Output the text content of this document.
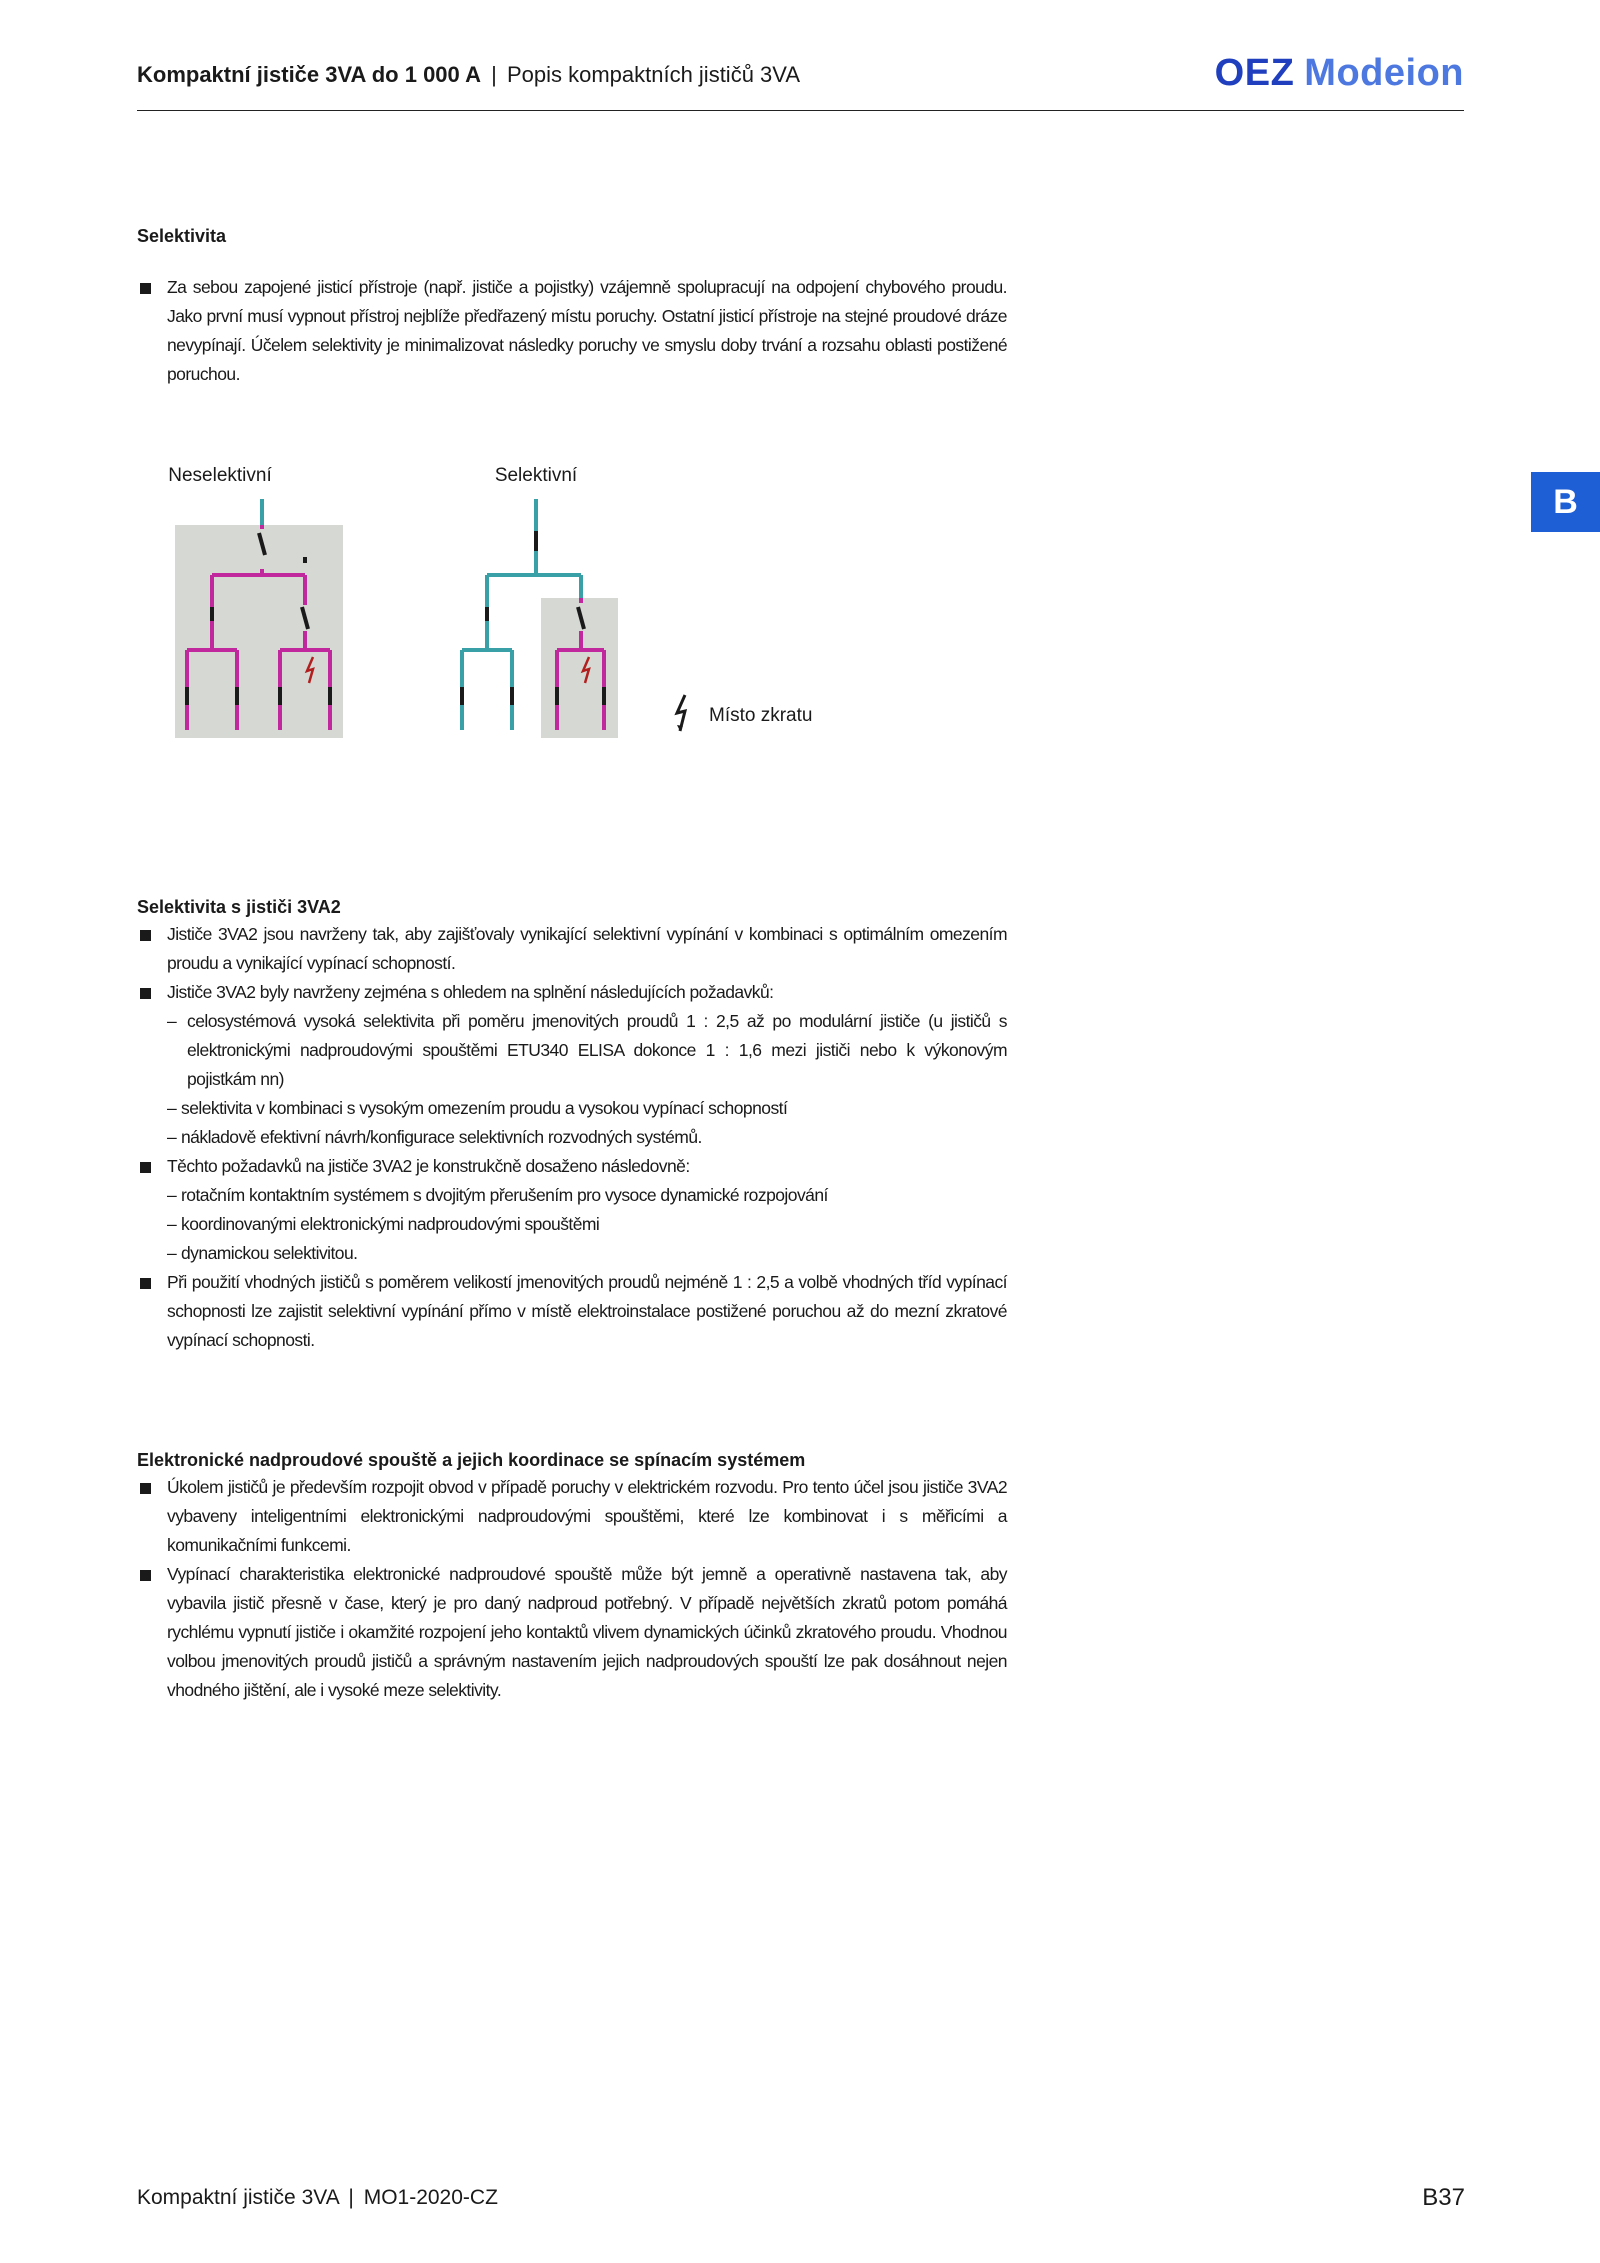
Kompaktní jističe 3VA do 1 000 A | Popis kompaktních jističů 3VA	OEZ Modeion
B
Selektivita
Za sebou zapojené jisticí přístroje (např. jističe a pojistky) vzájemně spolupracují na odpojení chybového proudu. Jako první musí vypnout přístroj nejblíže předřazený místu poruchy. Ostatní jisticí přístroje na stejné proudové dráze nevypínají. Účelem selektivity je minimalizovat následky poruchy ve smyslu doby trvání a rozsahu oblasti postižené poruchou.
Neselektivní	Selektivní
Místo zkratu
Selektivita s jističi 3VA2
Jističe 3VA2 jsou navrženy tak, aby zajišťovaly vynikající selektivní vypínání v kombinaci s optimálním omezením proudu a vynikající vypínací schopností.
Jističe 3VA2 byly navrženy zejména s ohledem na splnění následujících požadavků:
– celosystémová vysoká selektivita při poměru jmenovitých proudů 1 : 2,5 až po modulární jističe (u jističů s elektronickými nadproudovými spouštěmi ETU340 ELISA dokonce 1 : 1,6 mezi jističi nebo k výkonovým pojistkám nn)
– selektivita v kombinaci s vysokým omezením proudu a vysokou vypínací schopností
– nákladově efektivní návrh/konfigurace selektivních rozvodných systémů.
Těchto požadavků na jističe 3VA2 je konstrukčně dosaženo následovně:
– rotačním kontaktním systémem s dvojitým přerušením pro vysoce dynamické rozpojování
– koordinovanými elektronickými nadproudovými spouštěmi
– dynamickou selektivitou.
Při použití vhodných jističů s poměrem velikostí jmenovitých proudů nejméně 1 : 2,5 a volbě vhodných tříd vypínací schopnosti lze zajistit selektivní vypínání přímo v místě elektroinstalace postižené poruchou až do mezní zkratové vypínací schopnosti.
Elektronické nadproudové spouště a jejich koordinace se spínacím systémem
Úkolem jističů je především rozpojit obvod v případě poruchy v elektrickém rozvodu. Pro tento účel jsou jističe 3VA2 vybaveny inteligentními elektronickými nadproudovými spouštěmi, které lze kombinovat i s měřicími a komunikačními funkcemi.
Vypínací charakteristika elektronické nadproudové spouště může být jemně a operativně nastavena tak, aby vybavila jistič přesně v čase, který je pro daný nadproud potřebný. V případě největších zkratů potom pomáhá rychlému vypnutí jističe i okamžité rozpojení jeho kontaktů vlivem dynamických účinků zkratového proudu. Vhodnou volbou jmenovitých proudů jističů a správným nastavením jejich nadproudových spouští lze pak dosáhnout nejen vhodného jištění, ale i vysoké meze selektivity.
Kompaktní jističe 3VA | MO1-2020-CZ	B37
